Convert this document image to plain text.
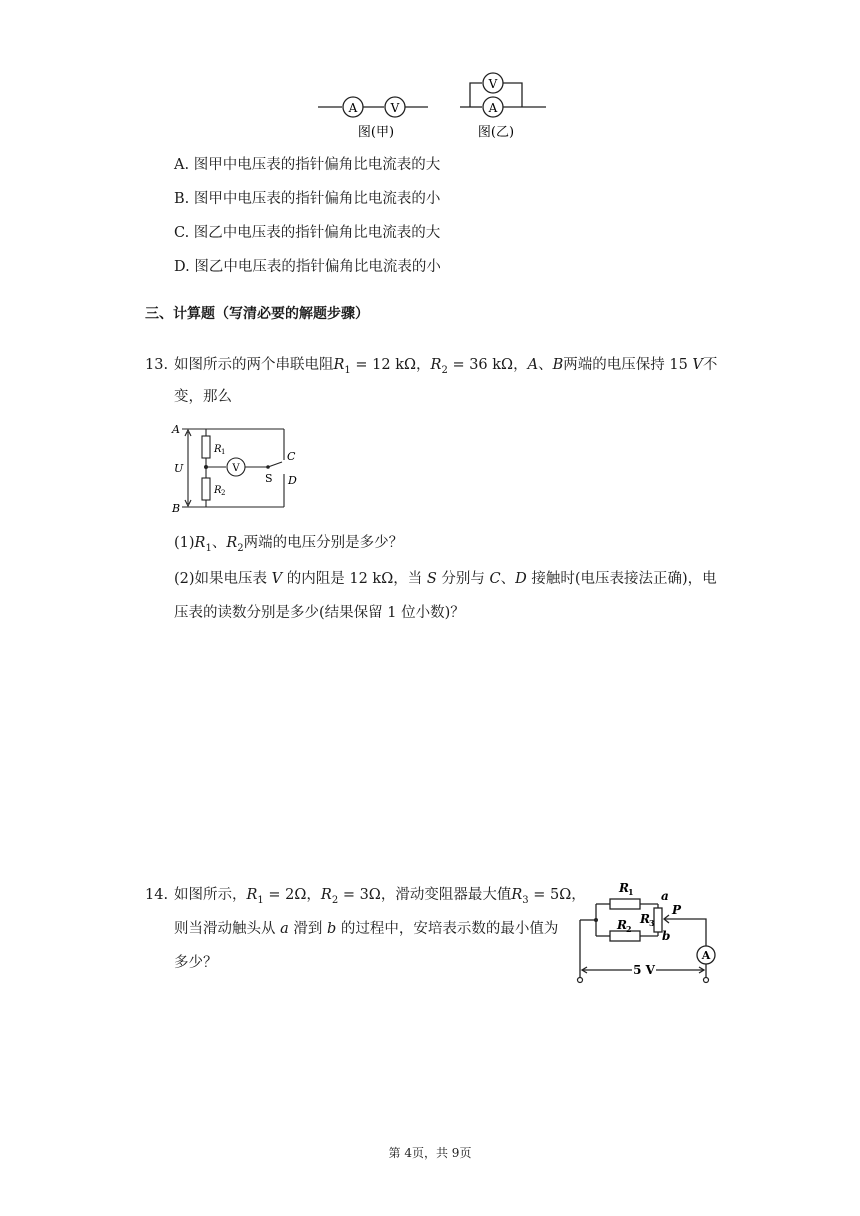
A	V
V
A
图(甲)	图(乙)
A. 图甲中电压表的指针偏角比电流表的大
B. 图甲中电压表的指针偏角比电流表的小
C. 图乙中电压表的指针偏角比电流表的大
D. 图乙中电压表的指针偏角比电流表的小
三、计算题（写清必要的解题步骤）
13. 如图所示的两个串联电阻$R_1 = 12$ kΩ，$R_2 = 36$ kΩ，A、B两端的电压保持 15 V不
变，那么
A
B
U
R 1
R 2
V
S
C
D
$(1)R_1$、$R_2$两端的电压分别是多少？
(2)如果电压表 V 的内阻是 12 kΩ，当 S 分别与 C、D 接触时(电压表接法正确)，电
压表的读数分别是多少(结果保留 1 位小数)？
14. 如图所示，$R_1 = 2\Omega$，$R_2 = 3\Omega$，滑动变阻器最大值$R_3 = 5\Omega$，
则当滑动触头从 a 滑到 b 的过程中，安培表示数的最小值为
多少？
R 1
R 2
R 3
a
b
P
A
5 V
第 4页，共 9页
